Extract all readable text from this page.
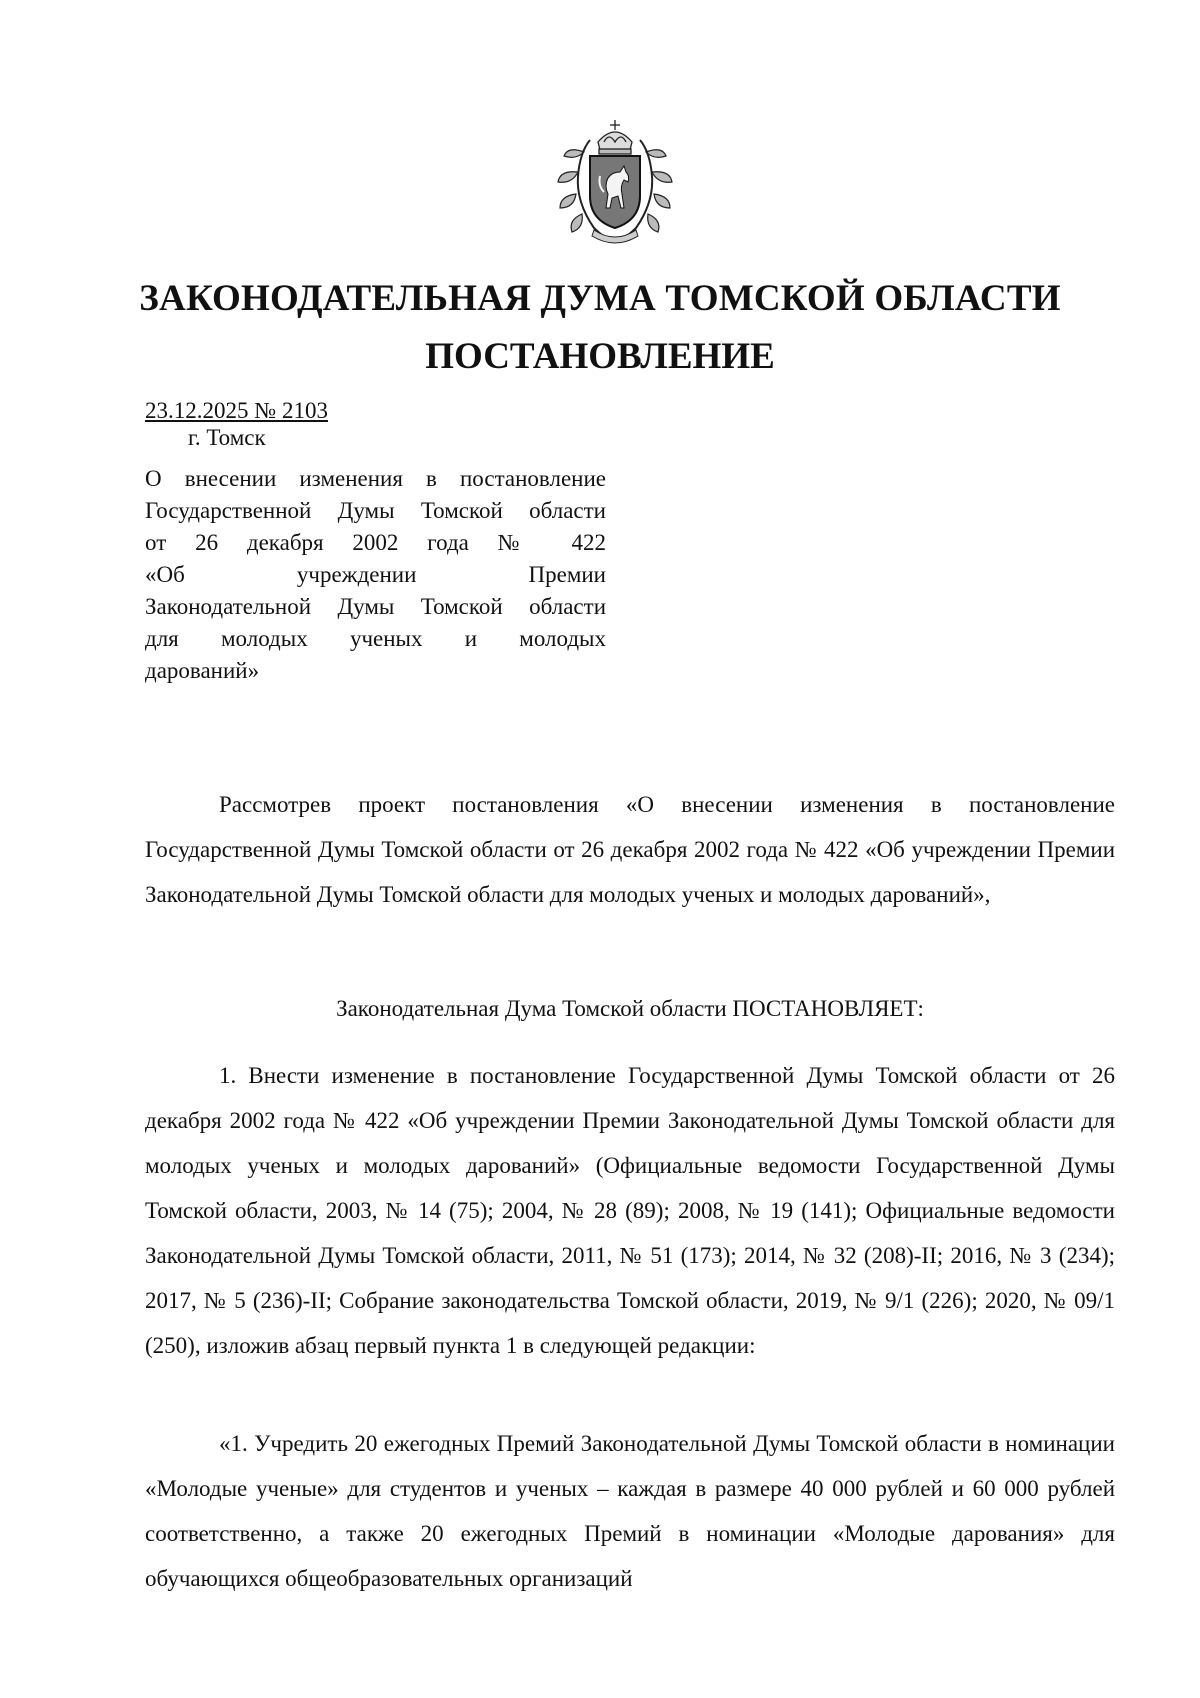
ЗАКОНОДАТЕЛЬНАЯ ДУМА ТОМСКОЙ ОБЛАСТИ
ПОСТАНОВЛЕНИЕ
23.12.2025 № 2103
г. Томск
О внесении изменения в постановление
Государственной Думы Томской области
от 26 декабря 2002 года № 422
«Об учреждении Премии
Законодательной Думы Томской области
для молодых ученых и молодых

дарований»

Рассмотрев проект постановления «О внесении изменения в постановление Государственной Думы Томской области от 26 декабря 2002 года № 422 «Об учреждении Премии Законодательной Думы Томской области для молодых ученых и молодых дарований»,

Законодательная Дума Томской области ПОСТАНОВЛЯЕТ:

1. Внести изменение в постановление Государственной Думы Томской области от 26 декабря 2002 года № 422 «Об учреждении Премии Законодательной Думы Томской области для молодых ученых и молодых дарований» (Официальные ведомости Государственной Думы Томской области, 2003, № 14 (75); 2004, № 28 (89); 2008, № 19 (141); Официальные ведомости Законодательной Думы Томской области, 2011, № 51 (173); 2014, № 32 (208)-II; 2016, № 3 (234); 2017, № 5 (236)-II; Собрание законодательства Томской области, 2019, № 9/1 (226); 2020, № 09/1 (250), изложив абзац первый пункта 1 в следующей редакции:

«1. Учредить 20 ежегодных Премий Законодательной Думы Томской области в номинации «Молодые ученые» для студентов и ученых – каждая в размере 40 000 рублей и 60 000 рублей соответственно, а также 20 ежегодных Премий в номинации «Молодые дарования» для обучающихся общеобразовательных организаций
